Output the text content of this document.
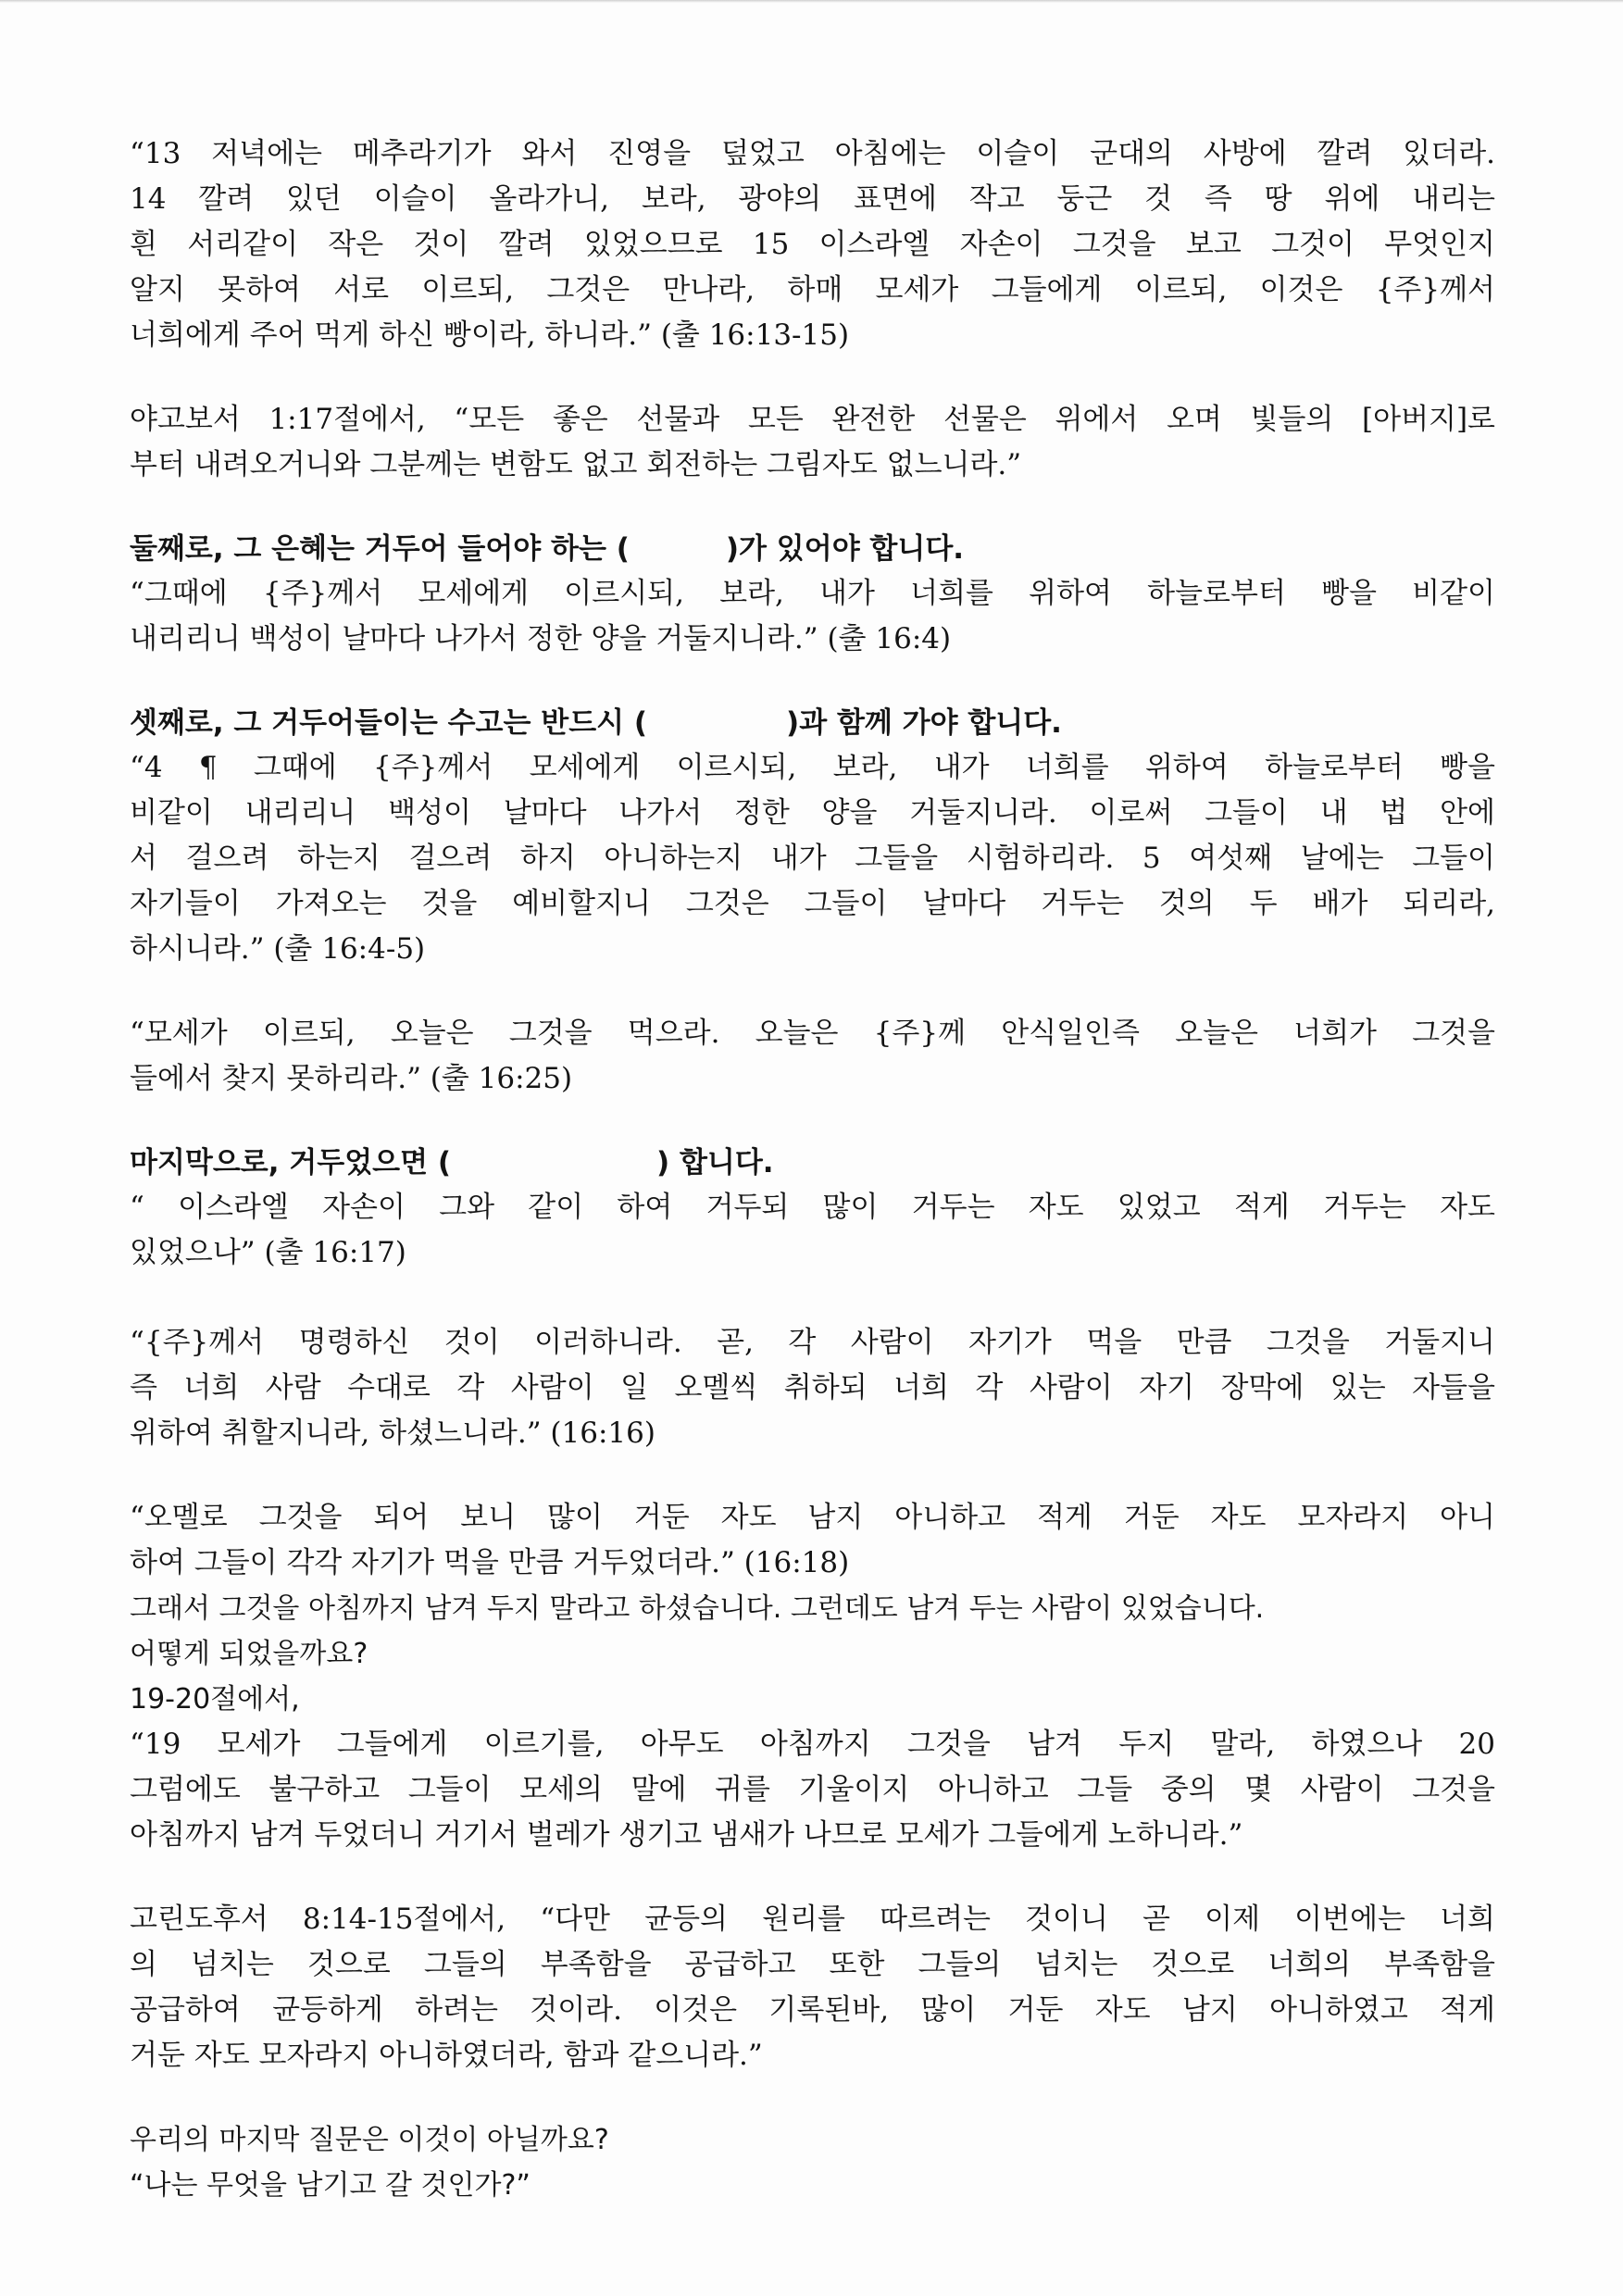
“13 저녁에는 메추라기가 와서 진영을 덮었고 아침에는 이슬이 군대의 사방에 깔려 있더라.
14 깔려 있던 이슬이 올라가니, 보라, 광야의 표면에 작고 둥근 것 즉 땅 위에 내리는
흰 서리같이 작은 것이 깔려 있었으므로 15 이스라엘 자손이 그것을 보고 그것이 무엇인지
알지 못하여 서로 이르되, 그것은 만나라, 하매 모세가 그들에게 이르되, 이것은 {주}께서
너희에게 주어 먹게 하신 빵이라, 하니라.” (출 16:13-15)

야고보서 1:17절에서, “모든 좋은 선물과 모든 완전한 선물은 위에서 오며 빛들의 [아버지]로
부터 내려오거니와 그분께는 변함도 없고 회전하는 그림자도 없느니라.”

둘째로, 그 은혜는 거두어 들어야 하는 (	)가 있어야 합니다.

“그때에 {주}께서 모세에게 이르시되, 보라, 내가 너희를 위하여 하늘로부터 빵을 비같이
내리리니 백성이 날마다 나가서 정한 양을 거둘지니라.” (출 16:4)

셋째로, 그 거두어들이는 수고는 반드시 (	)과 함께 가야 합니다.

“4 ¶ 그때에 {주}께서 모세에게 이르시되, 보라, 내가 너희를 위하여 하늘로부터 빵을
비같이 내리리니 백성이 날마다 나가서 정한 양을 거둘지니라. 이로써 그들이 내 법 안에
서 걸으려 하는지 걸으려 하지 아니하는지 내가 그들을 시험하리라. 5 여섯째 날에는 그들이
자기들이 가져오는 것을 예비할지니 그것은 그들이 날마다 거두는 것의 두 배가 되리라,
하시니라.” (출 16:4-5)

“모세가 이르되, 오늘은 그것을 먹으라. 오늘은 {주}께 안식일인즉 오늘은 너희가 그것을
들에서 찾지 못하리라.” (출 16:25)

마지막으로, 거두었으면 (	) 합니다.

“ 이스라엘 자손이 그와 같이 하여 거두되 많이 거두는 자도 있었고 적게 거두는 자도
있었으나” (출 16:17)

“{주}께서 명령하신 것이 이러하니라. 곧, 각 사람이 자기가 먹을 만큼 그것을 거둘지니
즉 너희 사람 수대로 각 사람이 일 오멜씩 취하되 너희 각 사람이 자기 장막에 있는 자들을
위하여 취할지니라, 하셨느니라.” (16:16)

“오멜로 그것을 되어 보니 많이 거둔 자도 남지 아니하고 적게 거둔 자도 모자라지 아니
하여 그들이 각각 자기가 먹을 만큼 거두었더라.” (16:18)

그래서 그것을 아침까지 남겨 두지 말라고 하셨습니다. 그런데도 남겨 두는 사람이 있었습니다.
어떻게 되었을까요?
19-20절에서,

“19 모세가 그들에게 이르기를, 아무도 아침까지 그것을 남겨 두지 말라, 하였으나 20
그럼에도 불구하고 그들이 모세의 말에 귀를 기울이지 아니하고 그들 중의 몇 사람이 그것을
아침까지 남겨 두었더니 거기서 벌레가 생기고 냄새가 나므로 모세가 그들에게 노하니라.”

고린도후서 8:14-15절에서, “다만 균등의 원리를 따르려는 것이니 곧 이제 이번에는 너희
의 넘치는 것으로 그들의 부족함을 공급하고 또한 그들의 넘치는 것으로 너희의 부족함을
공급하여 균등하게 하려는 것이라. 이것은 기록된바, 많이 거둔 자도 남지 아니하였고 적게
거둔 자도 모자라지 아니하였더라, 함과 같으니라.”

우리의 마지막 질문은 이것이 아닐까요?
“나는 무엇을 남기고 갈 것인가?”
